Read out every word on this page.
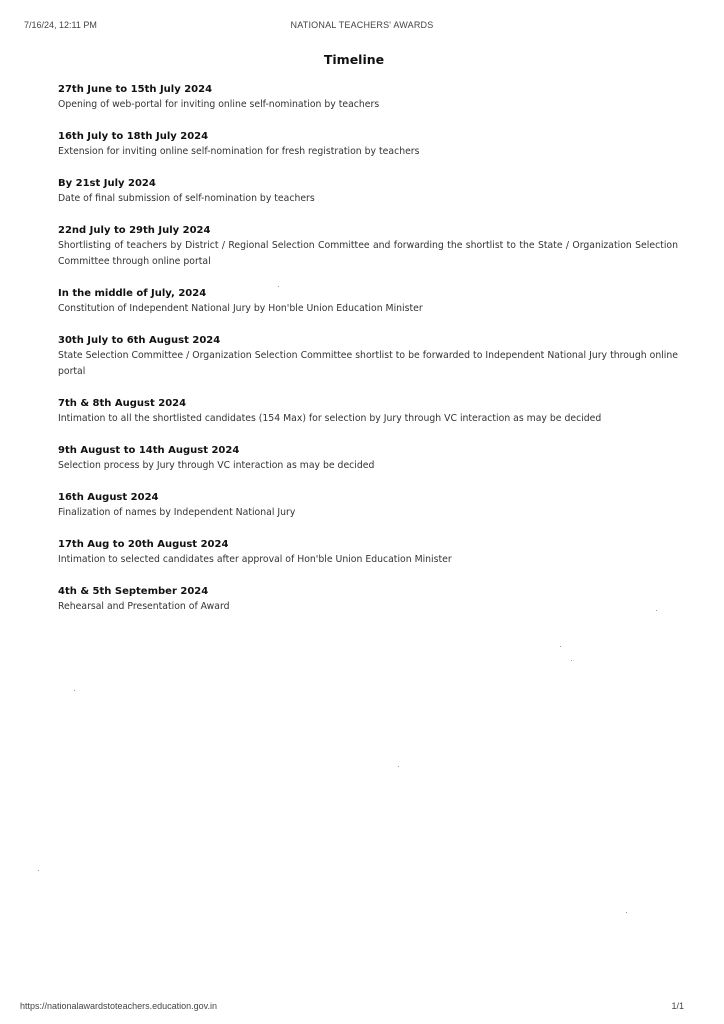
7/16/24, 12:11 PM	NATIONAL TEACHERS' AWARDS
Timeline
27th June to 15th July 2024
Opening of web-portal for inviting online self-nomination by teachers
16th July to 18th July 2024
Extension for inviting online self-nomination for fresh registration by teachers
By 21st July 2024
Date of final submission of self-nomination by teachers
22nd July to 29th July 2024
Shortlisting of teachers by District / Regional Selection Committee and forwarding the shortlist to the State / Organization Selection Committee through online portal
In the middle of July, 2024
Constitution of Independent National Jury by Hon'ble Union Education Minister
30th July to 6th August 2024
State Selection Committee / Organization Selection Committee shortlist to be forwarded to Independent National Jury through online portal
7th & 8th August 2024
Intimation to all the shortlisted candidates (154 Max) for selection by Jury through VC interaction as may be decided
9th August to 14th August 2024
Selection process by Jury through VC interaction as may be decided
16th August 2024
Finalization of names by Independent National Jury
17th Aug to 20th August 2024
Intimation to selected candidates after approval of Hon'ble Union Education Minister
4th & 5th September 2024
Rehearsal and Presentation of Award
https://nationalawardstoteachers.education.gov.in	1/1
